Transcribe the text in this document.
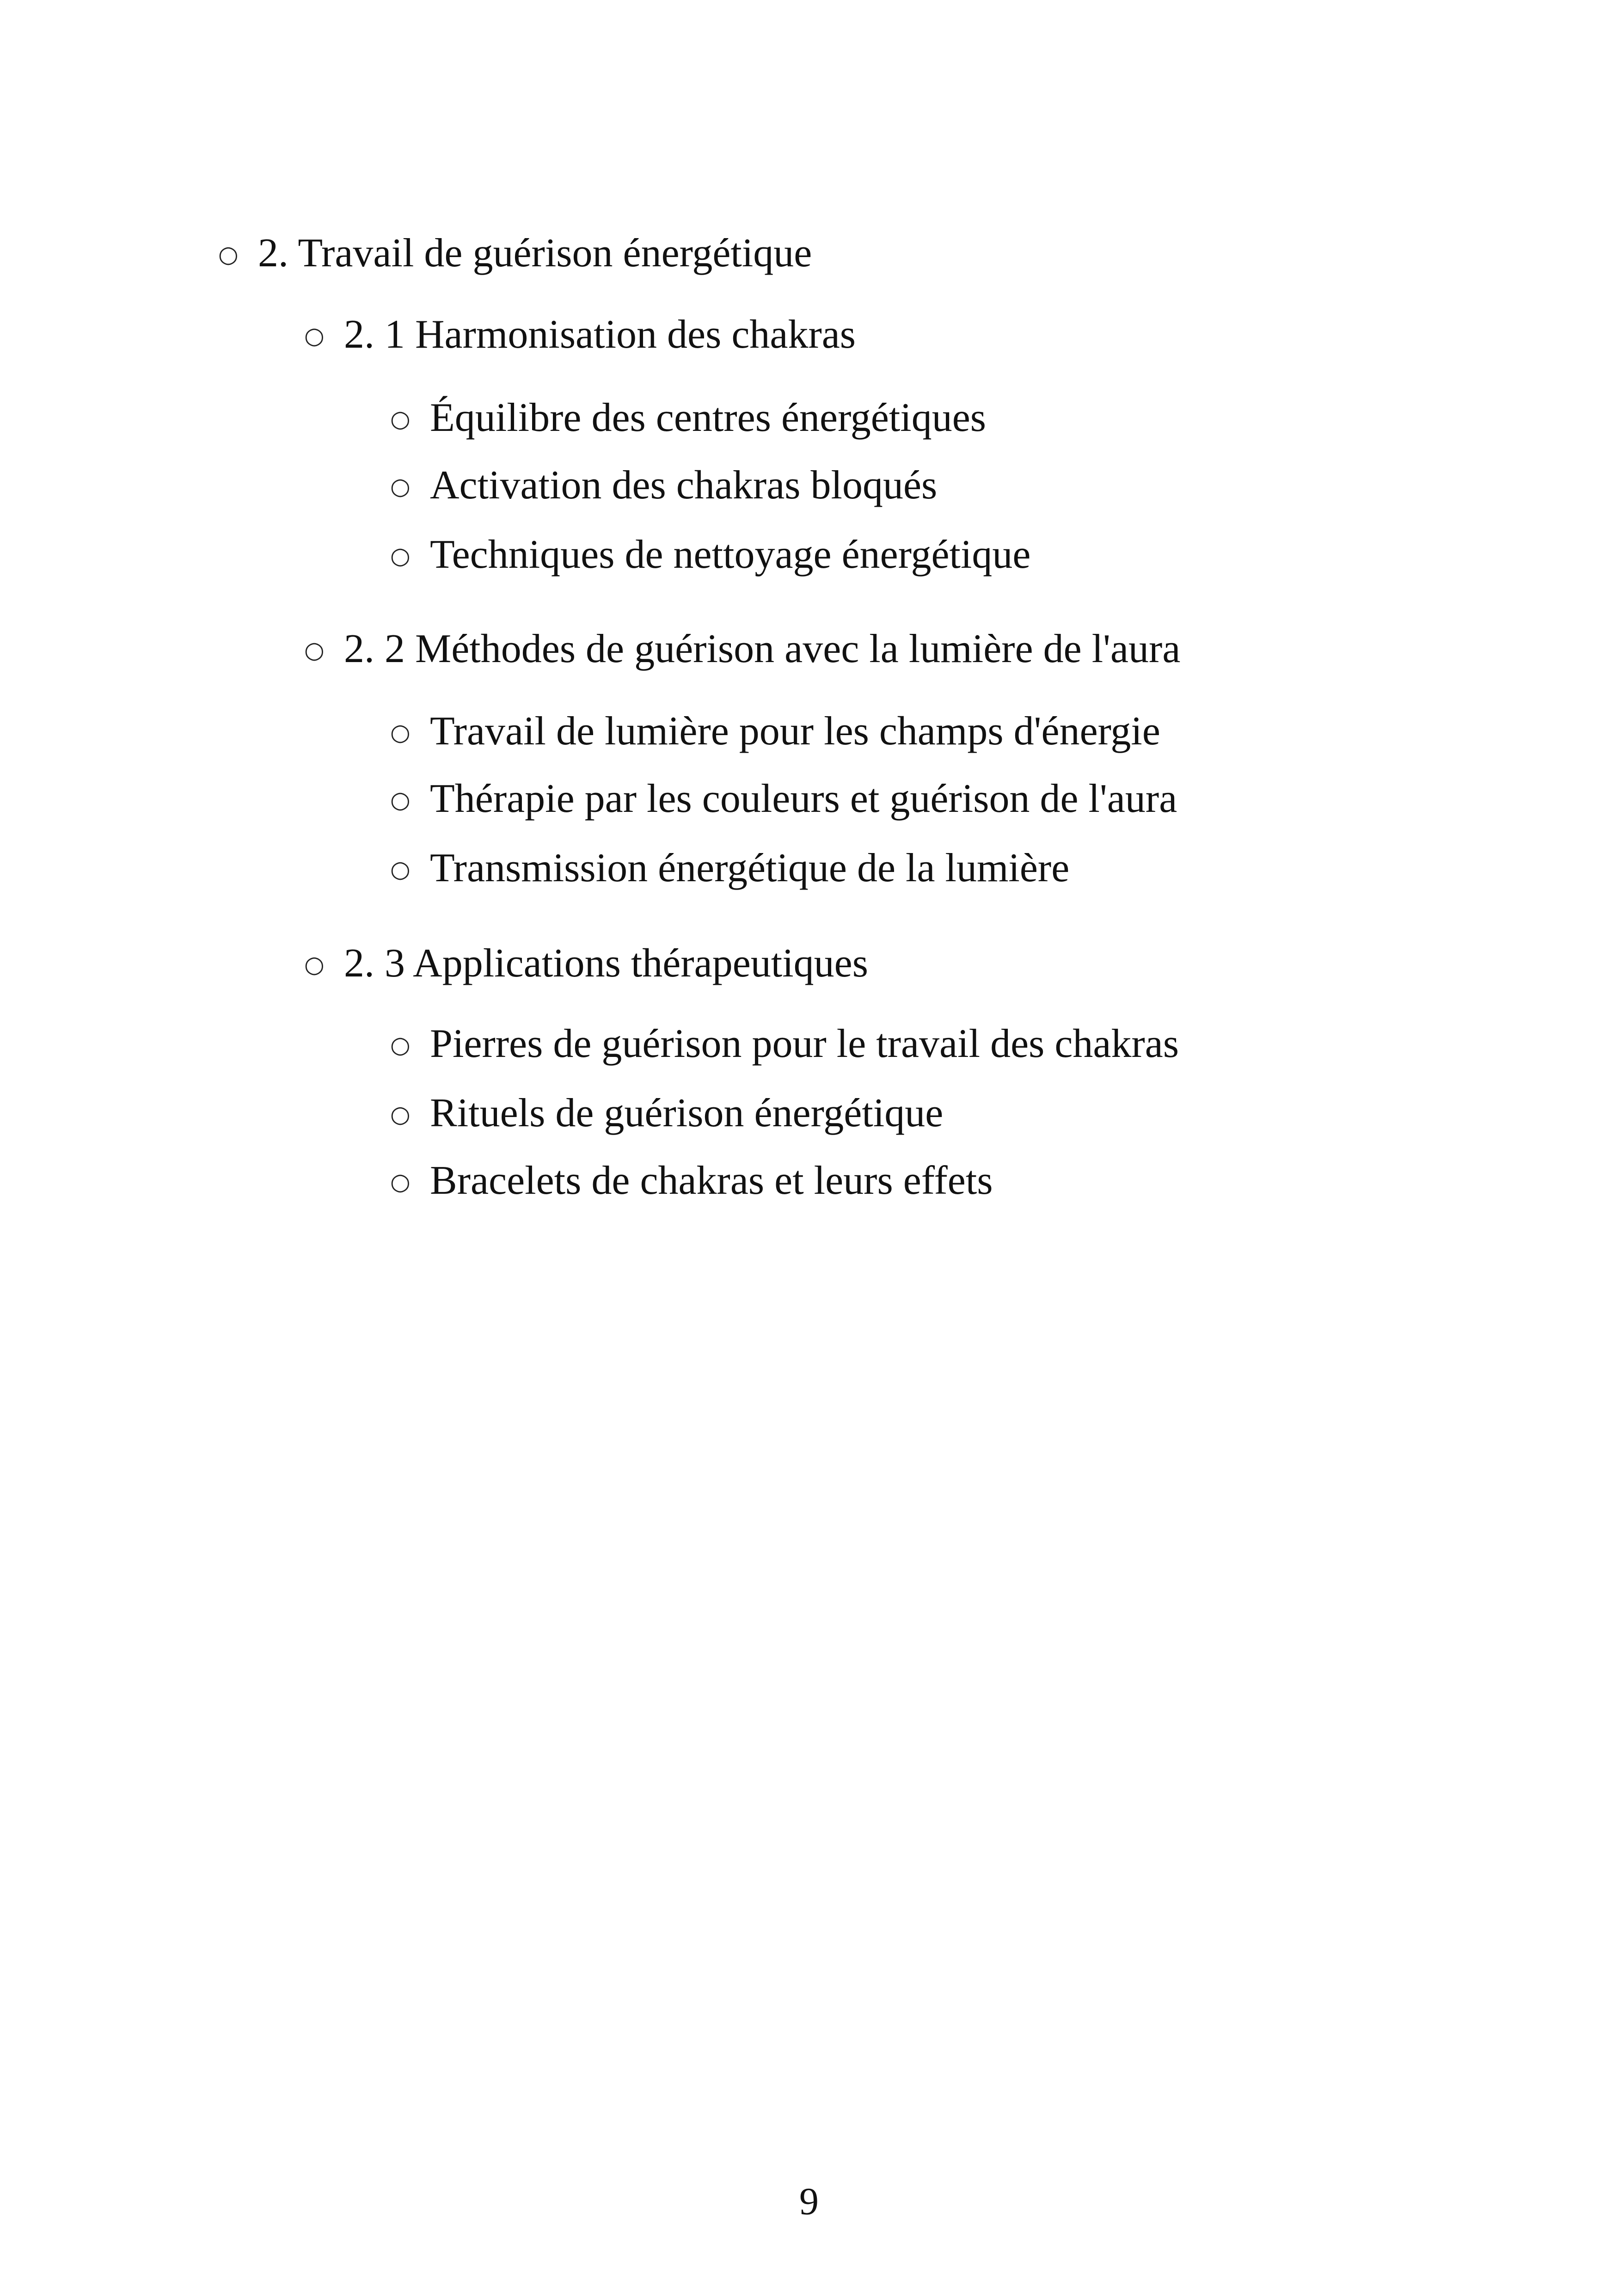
○ 2. Travail de guérison énergétique
○ 2. 1 Harmonisation des chakras
○ Équilibre des centres énergétiques
○ Activation des chakras bloqués
○ Techniques de nettoyage énergétique
○ 2. 2 Méthodes de guérison avec la lumière de l'aura
○ Travail de lumière pour les champs d'énergie
○ Thérapie par les couleurs et guérison de l'aura
○ Transmission énergétique de la lumière
○ 2. 3 Applications thérapeutiques
○ Pierres de guérison pour le travail des chakras
○ Rituels de guérison énergétique
○ Bracelets de chakras et leurs effets
9
